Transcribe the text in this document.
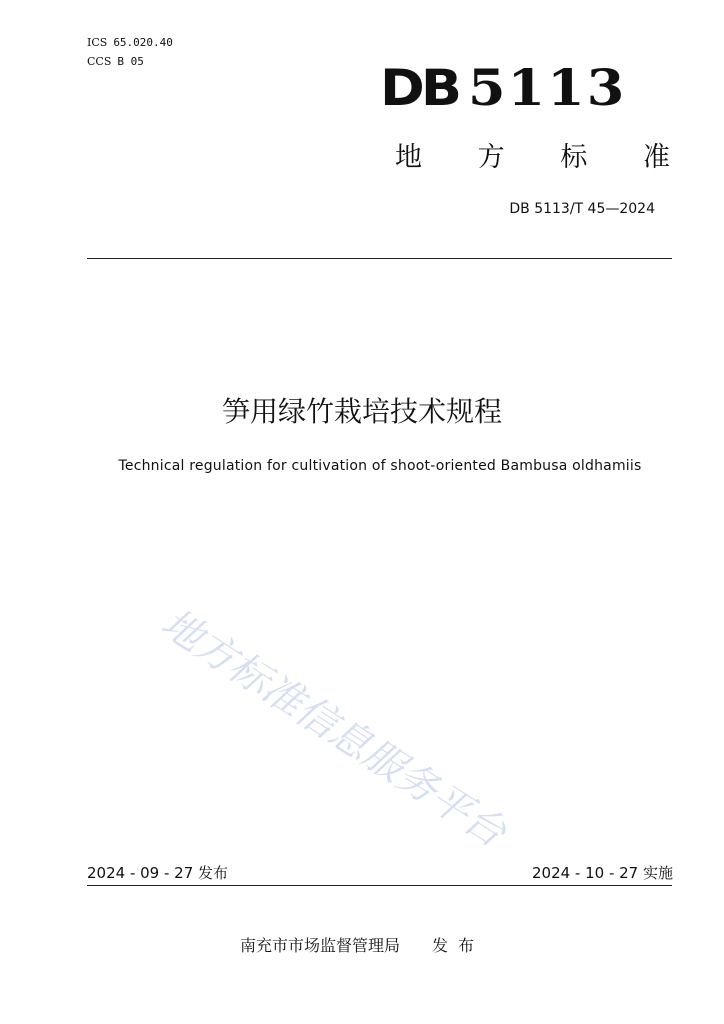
ICS 65.020.40
CCS B 05	DB 5113
地 方 标 准
DB 5113/T 45—2024
笋用绿竹栽培技术规程
Technical regulation for cultivation of shoot-oriented Bambusa oldhamiis
地方标准信息服务平台
2024 - 09 - 27 发布	2024 - 10 - 27 实施
南充市市场监督管理局 发布
